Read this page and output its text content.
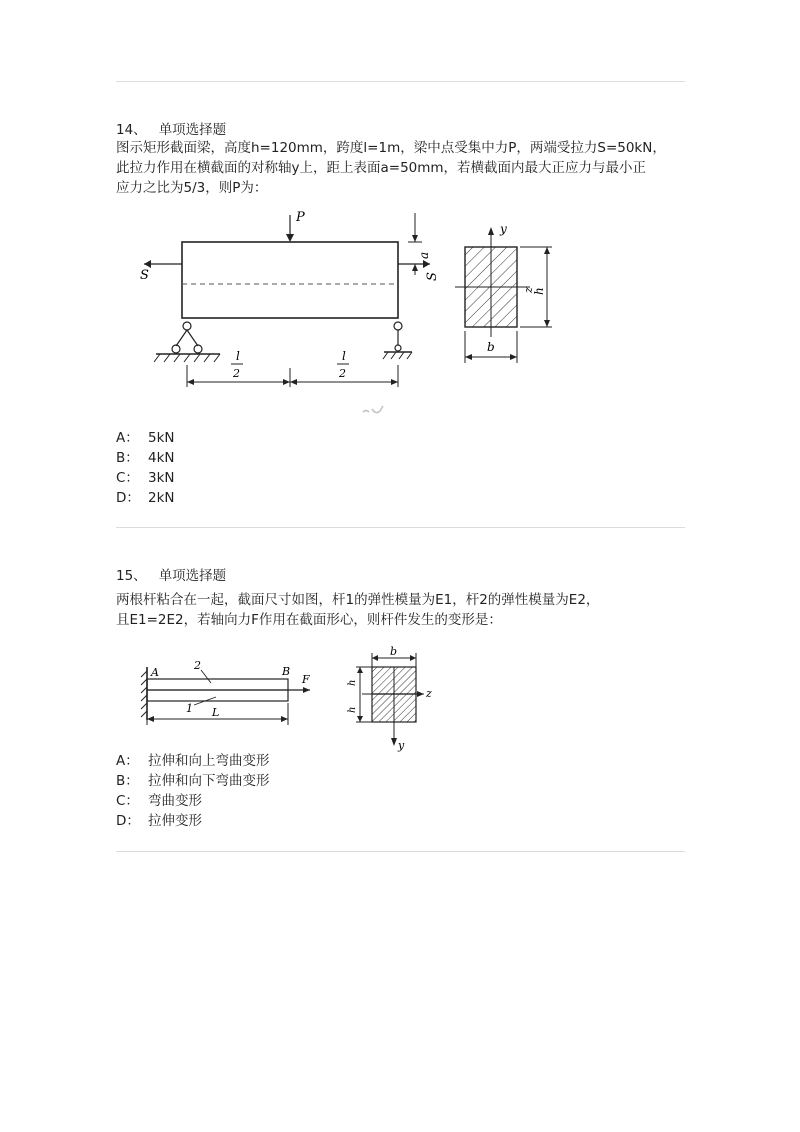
14、 单项选择题

图示矩形截面梁，高度h=120mm，跨度l=1m，梁中点受集中力P，两端受拉力S=50kN，

此拉力作用在横截面的对称轴y上，距上表面a=50mm，若横截面内最大正应力与最小正

应力之比为5/3，则P为：

P
S	S
a
l
2
l
2
y
z
h
b
A： 5kN
B： 4kN
C： 3kN
D： 2kN
15、 单项选择题

两根杆粘合在一起，截面尺寸如图，杆1的弹性模量为E1，杆2的弹性模量为E2，

且E1=2E2，若轴向力F作用在截面形心，则杆件发生的变形是：

A	B
2
1
F
L
z
y
b
h
h
A： 拉伸和向上弯曲变形
B： 拉伸和向下弯曲变形
C： 弯曲变形
D： 拉伸变形
